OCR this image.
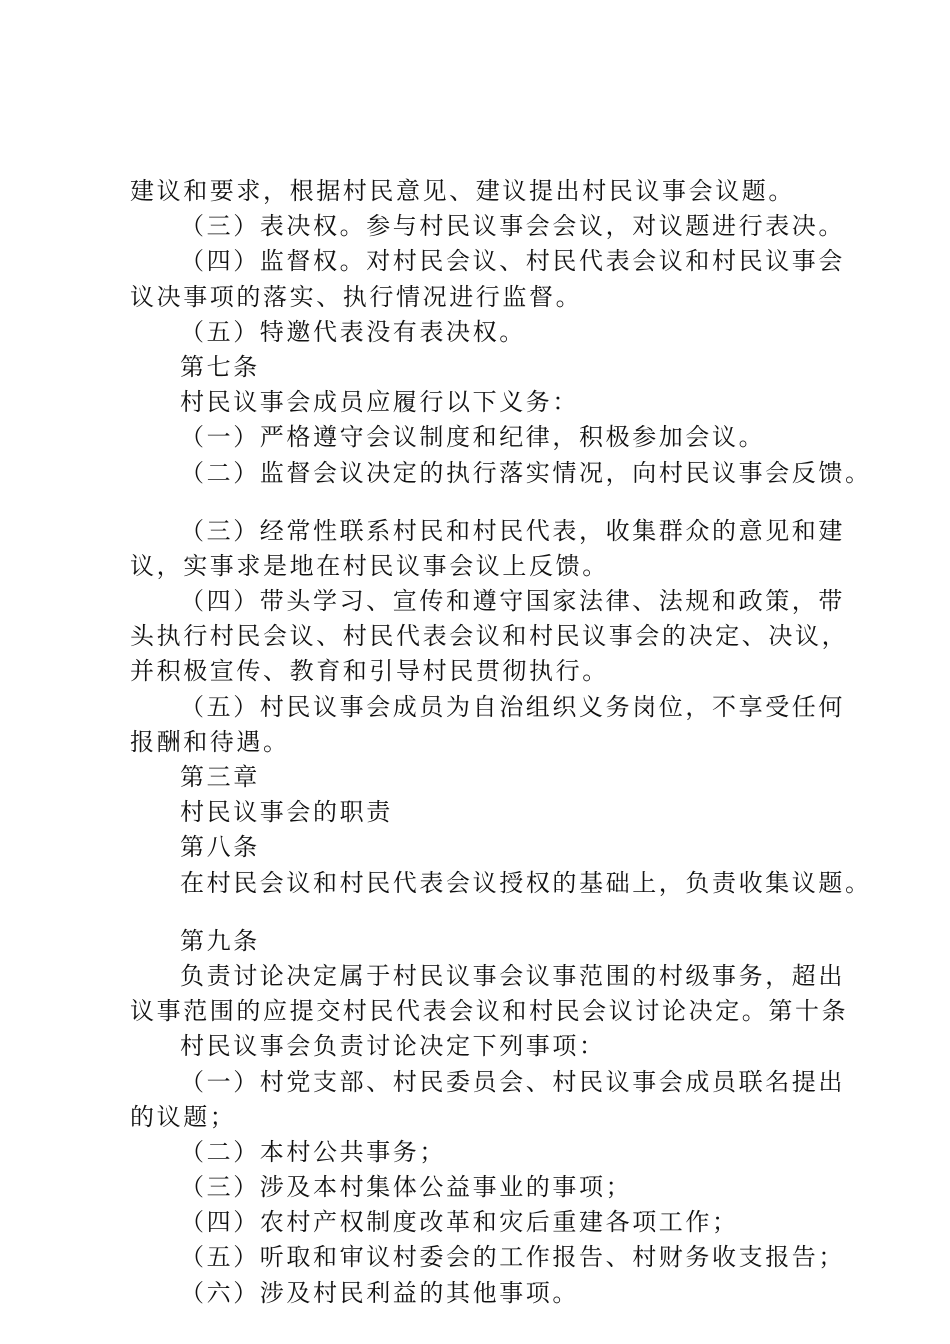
建议和要求，根据村民意见、建议提出村民议事会议题。
（三）表决权。参与村民议事会会议，对议题进行表决。
（四）监督权。对村民会议、村民代表会议和村民议事会
议决事项的落实、执行情况进行监督。
（五）特邀代表没有表决权。
第七条
村民议事会成员应履行以下义务：
（一）严格遵守会议制度和纪律，积极参加会议。
（二）监督会议决定的执行落实情况，向村民议事会反馈。
（三）经常性联系村民和村民代表，收集群众的意见和建
议，实事求是地在村民议事会议上反馈。
（四）带头学习、宣传和遵守国家法律、法规和政策，带
头执行村民会议、村民代表会议和村民议事会的决定、决议，
并积极宣传、教育和引导村民贯彻执行。
（五）村民议事会成员为自治组织义务岗位，不享受任何
报酬和待遇。
第三章
村民议事会的职责
第八条
在村民会议和村民代表会议授权的基础上，负责收集议题。
第九条
负责讨论决定属于村民议事会议事范围的村级事务，超出
议事范围的应提交村民代表会议和村民会议讨论决定。第十条
村民议事会负责讨论决定下列事项：
（一）村党支部、村民委员会、村民议事会成员联名提出
的议题；
（二）本村公共事务；
（三）涉及本村集体公益事业的事项；
（四）农村产权制度改革和灾后重建各项工作；
（五）听取和审议村委会的工作报告、村财务收支报告；
（六）涉及村民利益的其他事项。
